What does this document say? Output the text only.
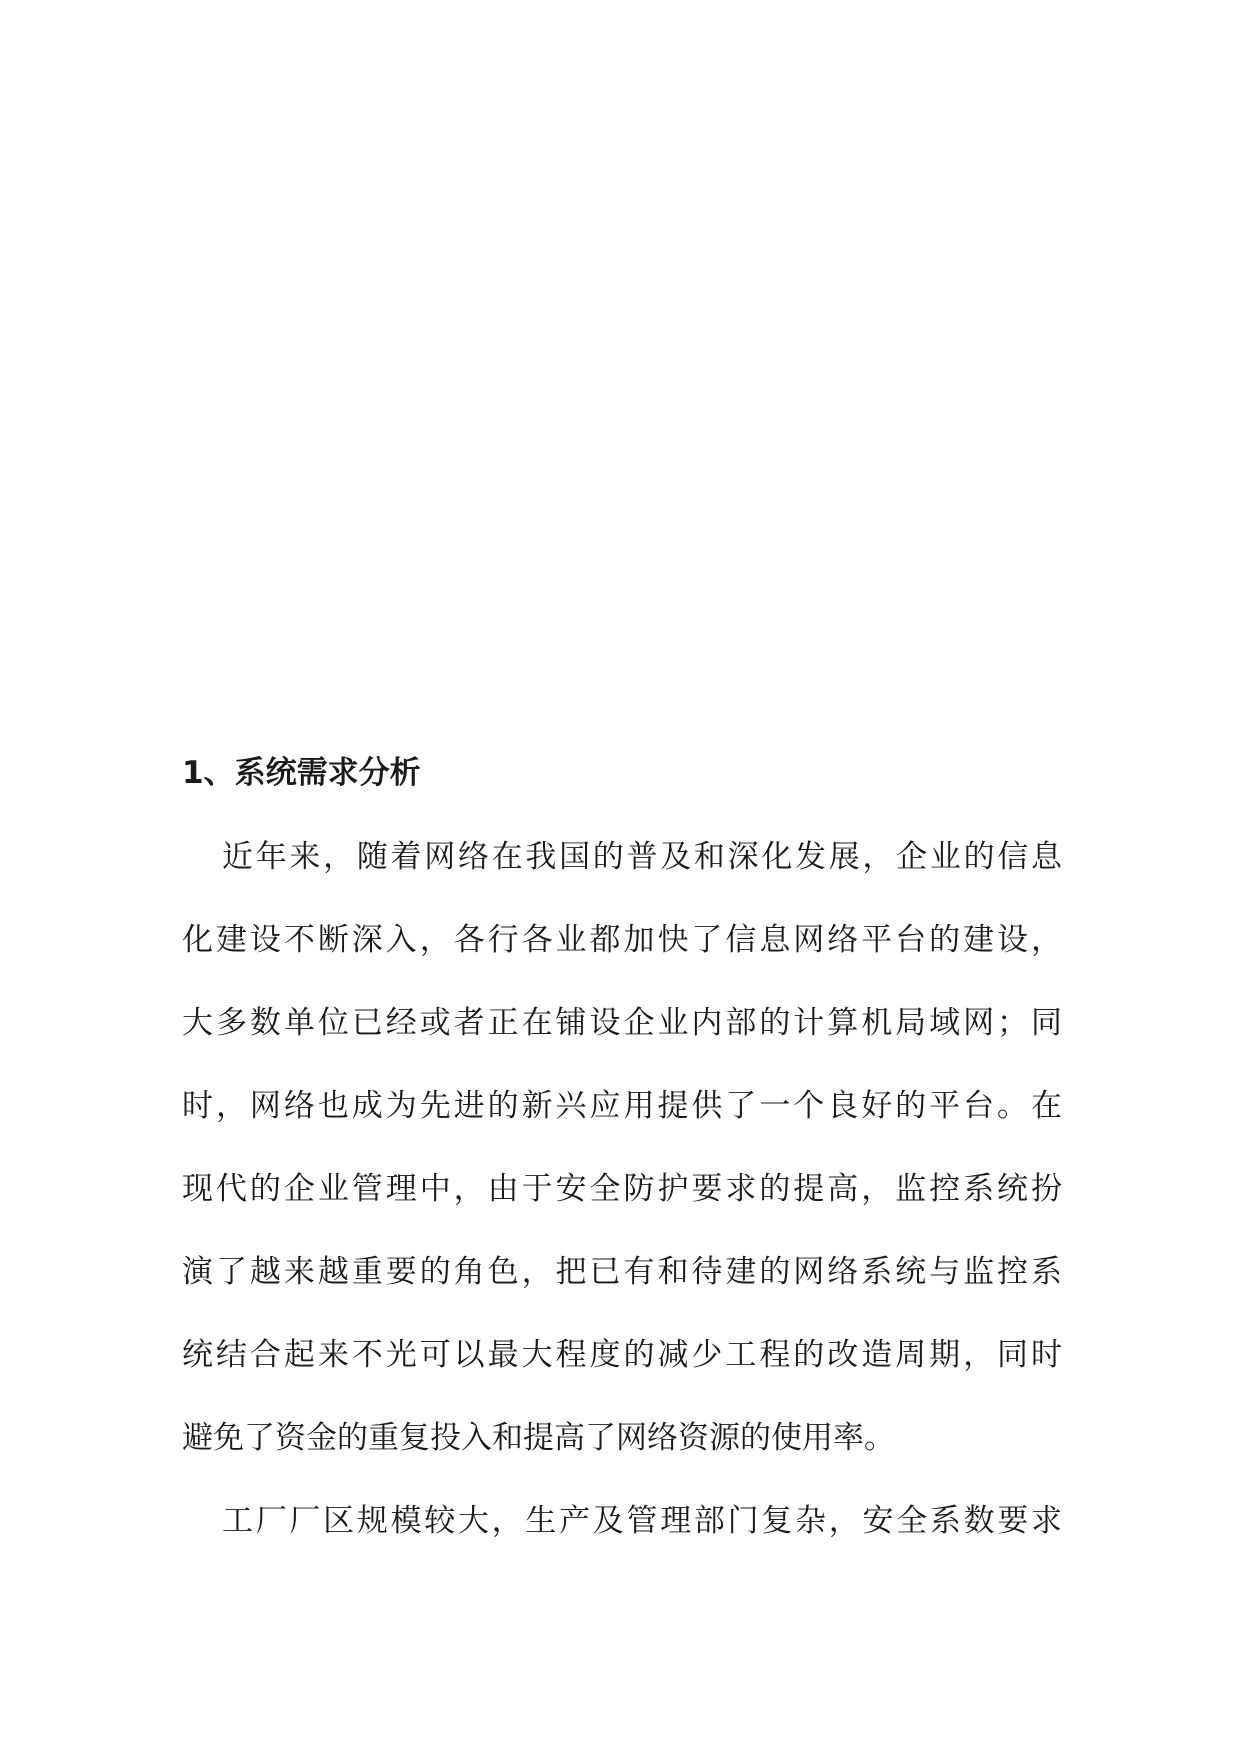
1、系统需求分析

近年来，随着网络在我国的普及和深化发展，企业的信息
化建设不断深入，各行各业都加快了信息网络平台的建设，
大多数单位已经或者正在铺设企业内部的计算机局域网；同
时，网络也成为先进的新兴应用提供了一个良好的平台。在
现代的企业管理中，由于安全防护要求的提高，监控系统扮
演了越来越重要的角色，把已有和待建的网络系统与监控系
统结合起来不光可以最大程度的减少工程的改造周期，同时
避免了资金的重复投入和提高了网络资源的使用率。

工厂厂区规模较大，生产及管理部门复杂，安全系数要求
